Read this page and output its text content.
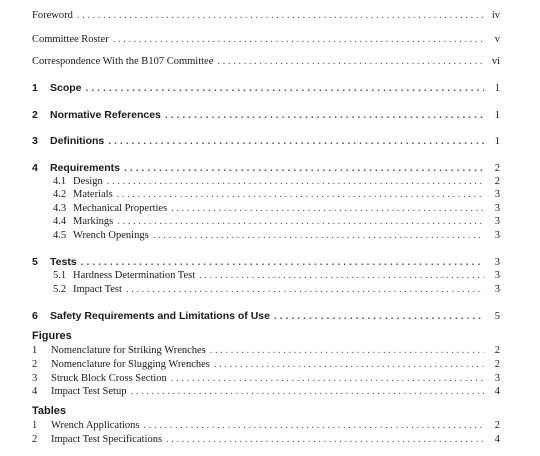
Foreword . . .	iv
Committee Roster . . .	v
Correspondence With the B107 Committee . . .	vi
1	Scope . . .	1
2	Normative References . . .	1
3	Definitions . . .	1
4	Requirements . . .	2
4.1 Design . . .	2
4.2 Materials . . .	3
4.3 Mechanical Properties . . .	3
4.4 Markings . . .	3
4.5 Wrench Openings . . .	3
5	Tests . . .	3
5.1 Hardness Determination Test . . .	3
5.2 Impact Test . . .	3
6	Safety Requirements and Limitations of Use . . .	5
Figures
1	Nomenclature for Striking Wrenches . . .	2
2	Nomenclature for Slugging Wrenches . . .	2
3	Struck Block Cross Section . . .	3
4	Impact Test Setup . . .	4
Tables
1	Wrench Applications . . .	2
2	Impact Test Specifications . . .	4
